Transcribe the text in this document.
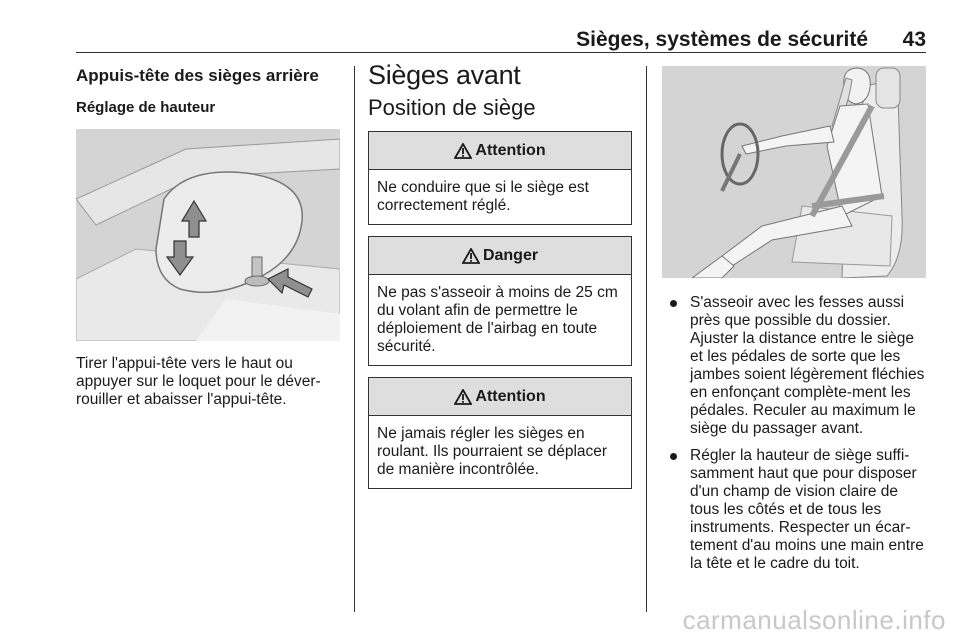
Sièges, systèmes de sécurité 43
Appuis-tête des sièges arrière
Réglage de hauteur

Tirer l'appui-tête vers le haut ou appuyer sur le loquet pour le déver-rouiller et abaisser l'appui-tête.

Sièges avant
Position de siège
Attention
Ne conduire que si le siège est correctement réglé.
Danger
Ne pas s'asseoir à moins de 25 cm du volant afin de permettre le déploiement de l'airbag en toute sécurité.
Attention
Ne jamais régler les sièges en roulant. Ils pourraient se déplacer de manière incontrôlée.
S'asseoir avec les fesses aussi près que possible du dossier. Ajuster la distance entre le siège et les pédales de sorte que les jambes soient légèrement fléchies en enfonçant complète-ment les pédales. Reculer au maximum le siège du passager avant.
Régler la hauteur de siège suffi-samment haut que pour disposer d'un champ de vision claire de tous les côtés et de tous les instruments. Respecter un écar-tement d'au moins une main entre la tête et le cadre du toit.
carmanualsonline.info
